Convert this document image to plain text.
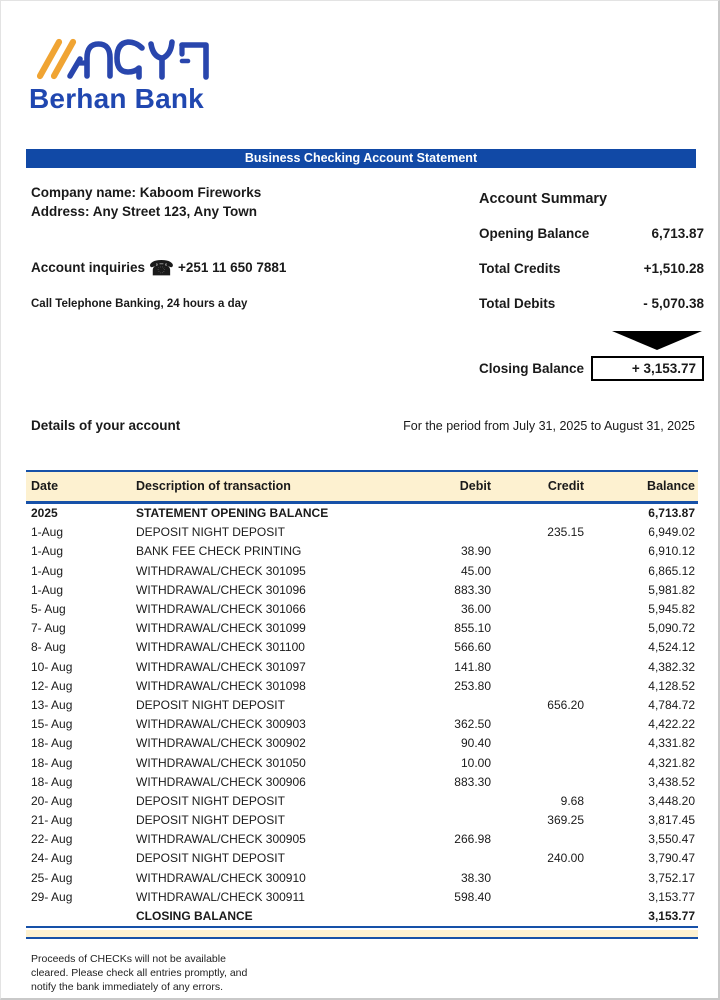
Berhan Bank
Business Checking Account Statement
Company name: Kaboom Fireworks
Address: Any Street 123, Any Town
Account inquiries ☎ +251 11 650 7881
Call Telephone Banking, 24 hours a day
Account Summary
Opening Balance	6,713.87
Total Credits	+1,510.28
Total Debits	- 5,070.38
Closing Balance	+ 3,153.77
Details of your account	For the period from July 31, 2025 to August 31, 2025
Date	Description of transaction	Debit	Credit	Balance
2025	STATEMENT OPENING BALANCE			6,713.87
1-Aug	DEPOSIT NIGHT DEPOSIT		235.15	6,949.02
1-Aug	BANK FEE CHECK PRINTING	38.90		6,910.12
1-Aug	WITHDRAWAL/CHECK 301095	45.00		6,865.12
1-Aug	WITHDRAWAL/CHECK 301096	883.30		5,981.82
5- Aug	WITHDRAWAL/CHECK 301066	36.00		5,945.82
7- Aug	WITHDRAWAL/CHECK 301099	855.10		5,090.72
8- Aug	WITHDRAWAL/CHECK 301100	566.60		4,524.12
10- Aug	WITHDRAWAL/CHECK 301097	141.80		4,382.32
12- Aug	WITHDRAWAL/CHECK 301098	253.80		4,128.52
13- Aug	DEPOSIT NIGHT DEPOSIT		656.20	4,784.72
15- Aug	WITHDRAWAL/CHECK 300903	362.50		4,422.22
18- Aug	WITHDRAWAL/CHECK 300902	90.40		4,331.82
18- Aug	WITHDRAWAL/CHECK 301050	10.00		4,321.82
18- Aug	WITHDRAWAL/CHECK 300906	883.30		3,438.52
20- Aug	DEPOSIT NIGHT DEPOSIT		9.68	3,448.20
21- Aug	DEPOSIT NIGHT DEPOSIT		369.25	3,817.45
22- Aug	WITHDRAWAL/CHECK 300905	266.98		3,550.47
24- Aug	DEPOSIT NIGHT DEPOSIT		240.00	3,790.47
25- Aug	WITHDRAWAL/CHECK 300910	38.30		3,752.17
29- Aug	WITHDRAWAL/CHECK 300911	598.40		3,153.77
	CLOSING BALANCE			3,153.77
Proceeds of CHECKs will not be available
cleared. Please check all entries promptly, and
notify the bank immediately of any errors.
